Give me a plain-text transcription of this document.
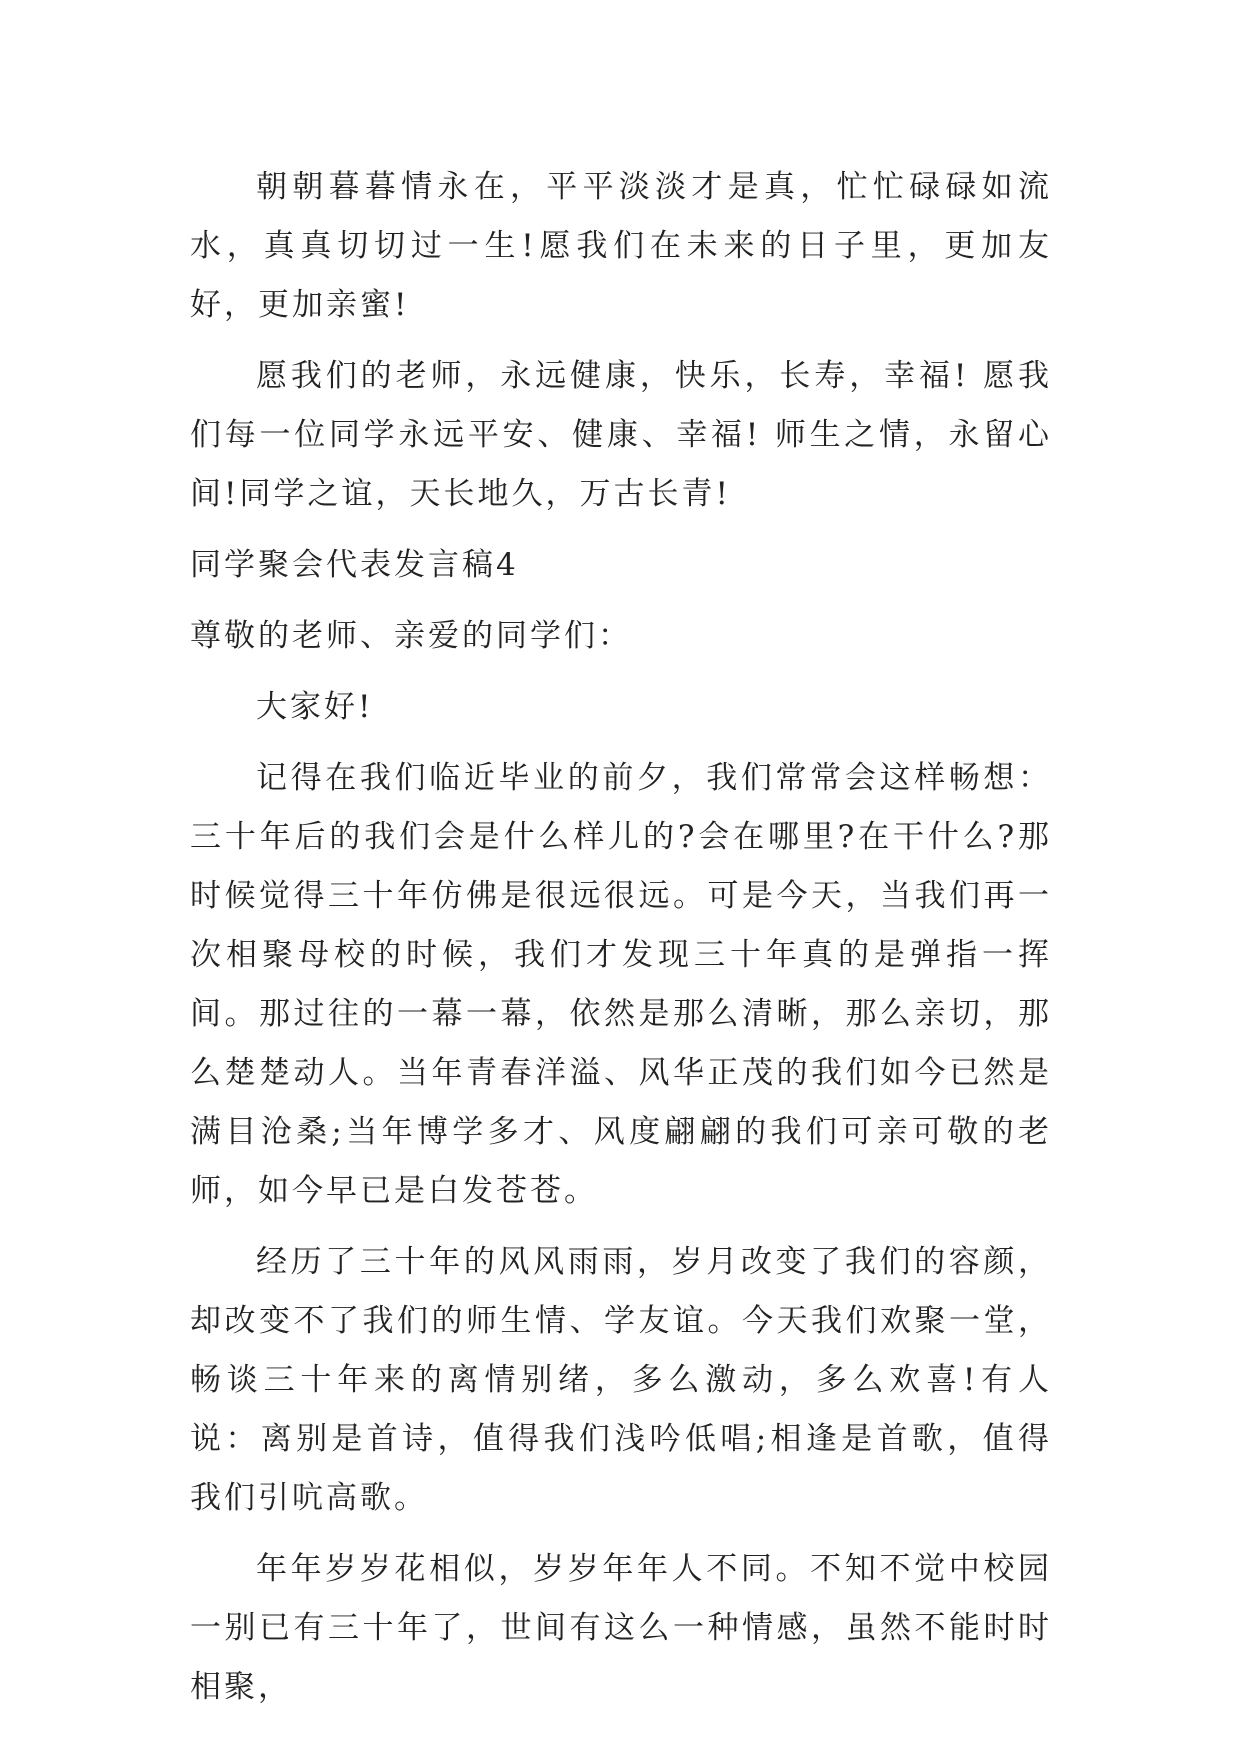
朝朝暮暮情永在，平平淡淡才是真，忙忙碌碌如流水，真真切切过一生!愿我们在未来的日子里，更加友好，更加亲蜜!

愿我们的老师，永远健康，快乐，长寿，幸福! 愿我们每一位同学永远平安、健康、幸福! 师生之情，永留心间!同学之谊，天长地久，万古长青!

同学聚会代表发言稿4

尊敬的老师、亲爱的同学们：

大家好!

记得在我们临近毕业的前夕，我们常常会这样畅想：三十年后的我们会是什么样儿的?会在哪里?在干什么?那时候觉得三十年仿佛是很远很远。可是今天，当我们再一次相聚母校的时候，我们才发现三十年真的是弹指一挥间。那过往的一幕一幕，依然是那么清晰，那么亲切，那么楚楚动人。当年青春洋溢、风华正茂的我们如今已然是满目沧桑;当年博学多才、风度翩翩的我们可亲可敬的老师，如今早已是白发苍苍。

经历了三十年的风风雨雨，岁月改变了我们的容颜，却改变不了我们的师生情、学友谊。今天我们欢聚一堂，畅谈三十年来的离情别绪，多么激动，多么欢喜!有人说：离别是首诗，值得我们浅吟低唱;相逢是首歌，值得我们引吭高歌。

年年岁岁花相似，岁岁年年人不同。不知不觉中校园一别已有三十年了，世间有这么一种情感，虽然不能时时相聚，
